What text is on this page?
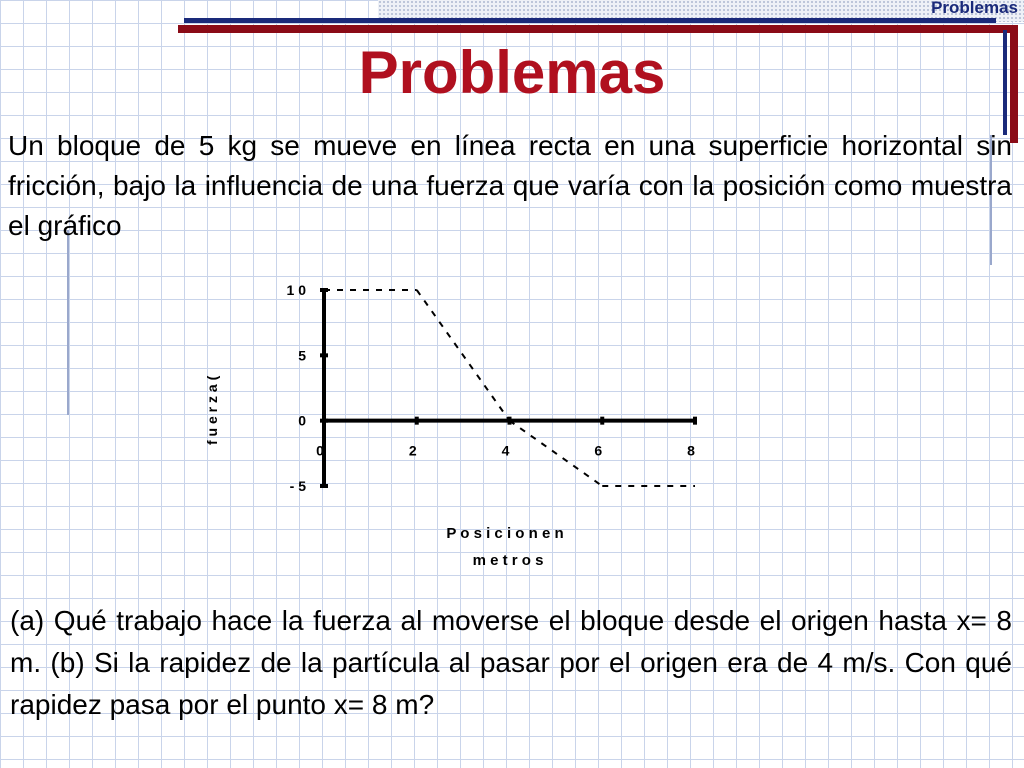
Problemas
Problemas
Un bloque de 5 kg se mueve en línea recta en una superficie horizontal sin fricción, bajo la influencia de una fuerza que varía con la posición como muestra el gráfico
0	2	4	6	8
1 0
5
0
- 5
f u e r z a (
P o s i c i o n e n
m e t r o s
(a) Qué trabajo hace la fuerza al moverse el bloque desde el origen hasta x= 8 m. (b) Si la rapidez de la partícula al pasar por el origen era de 4 m/s. Con qué rapidez pasa por el punto x= 8 m?
